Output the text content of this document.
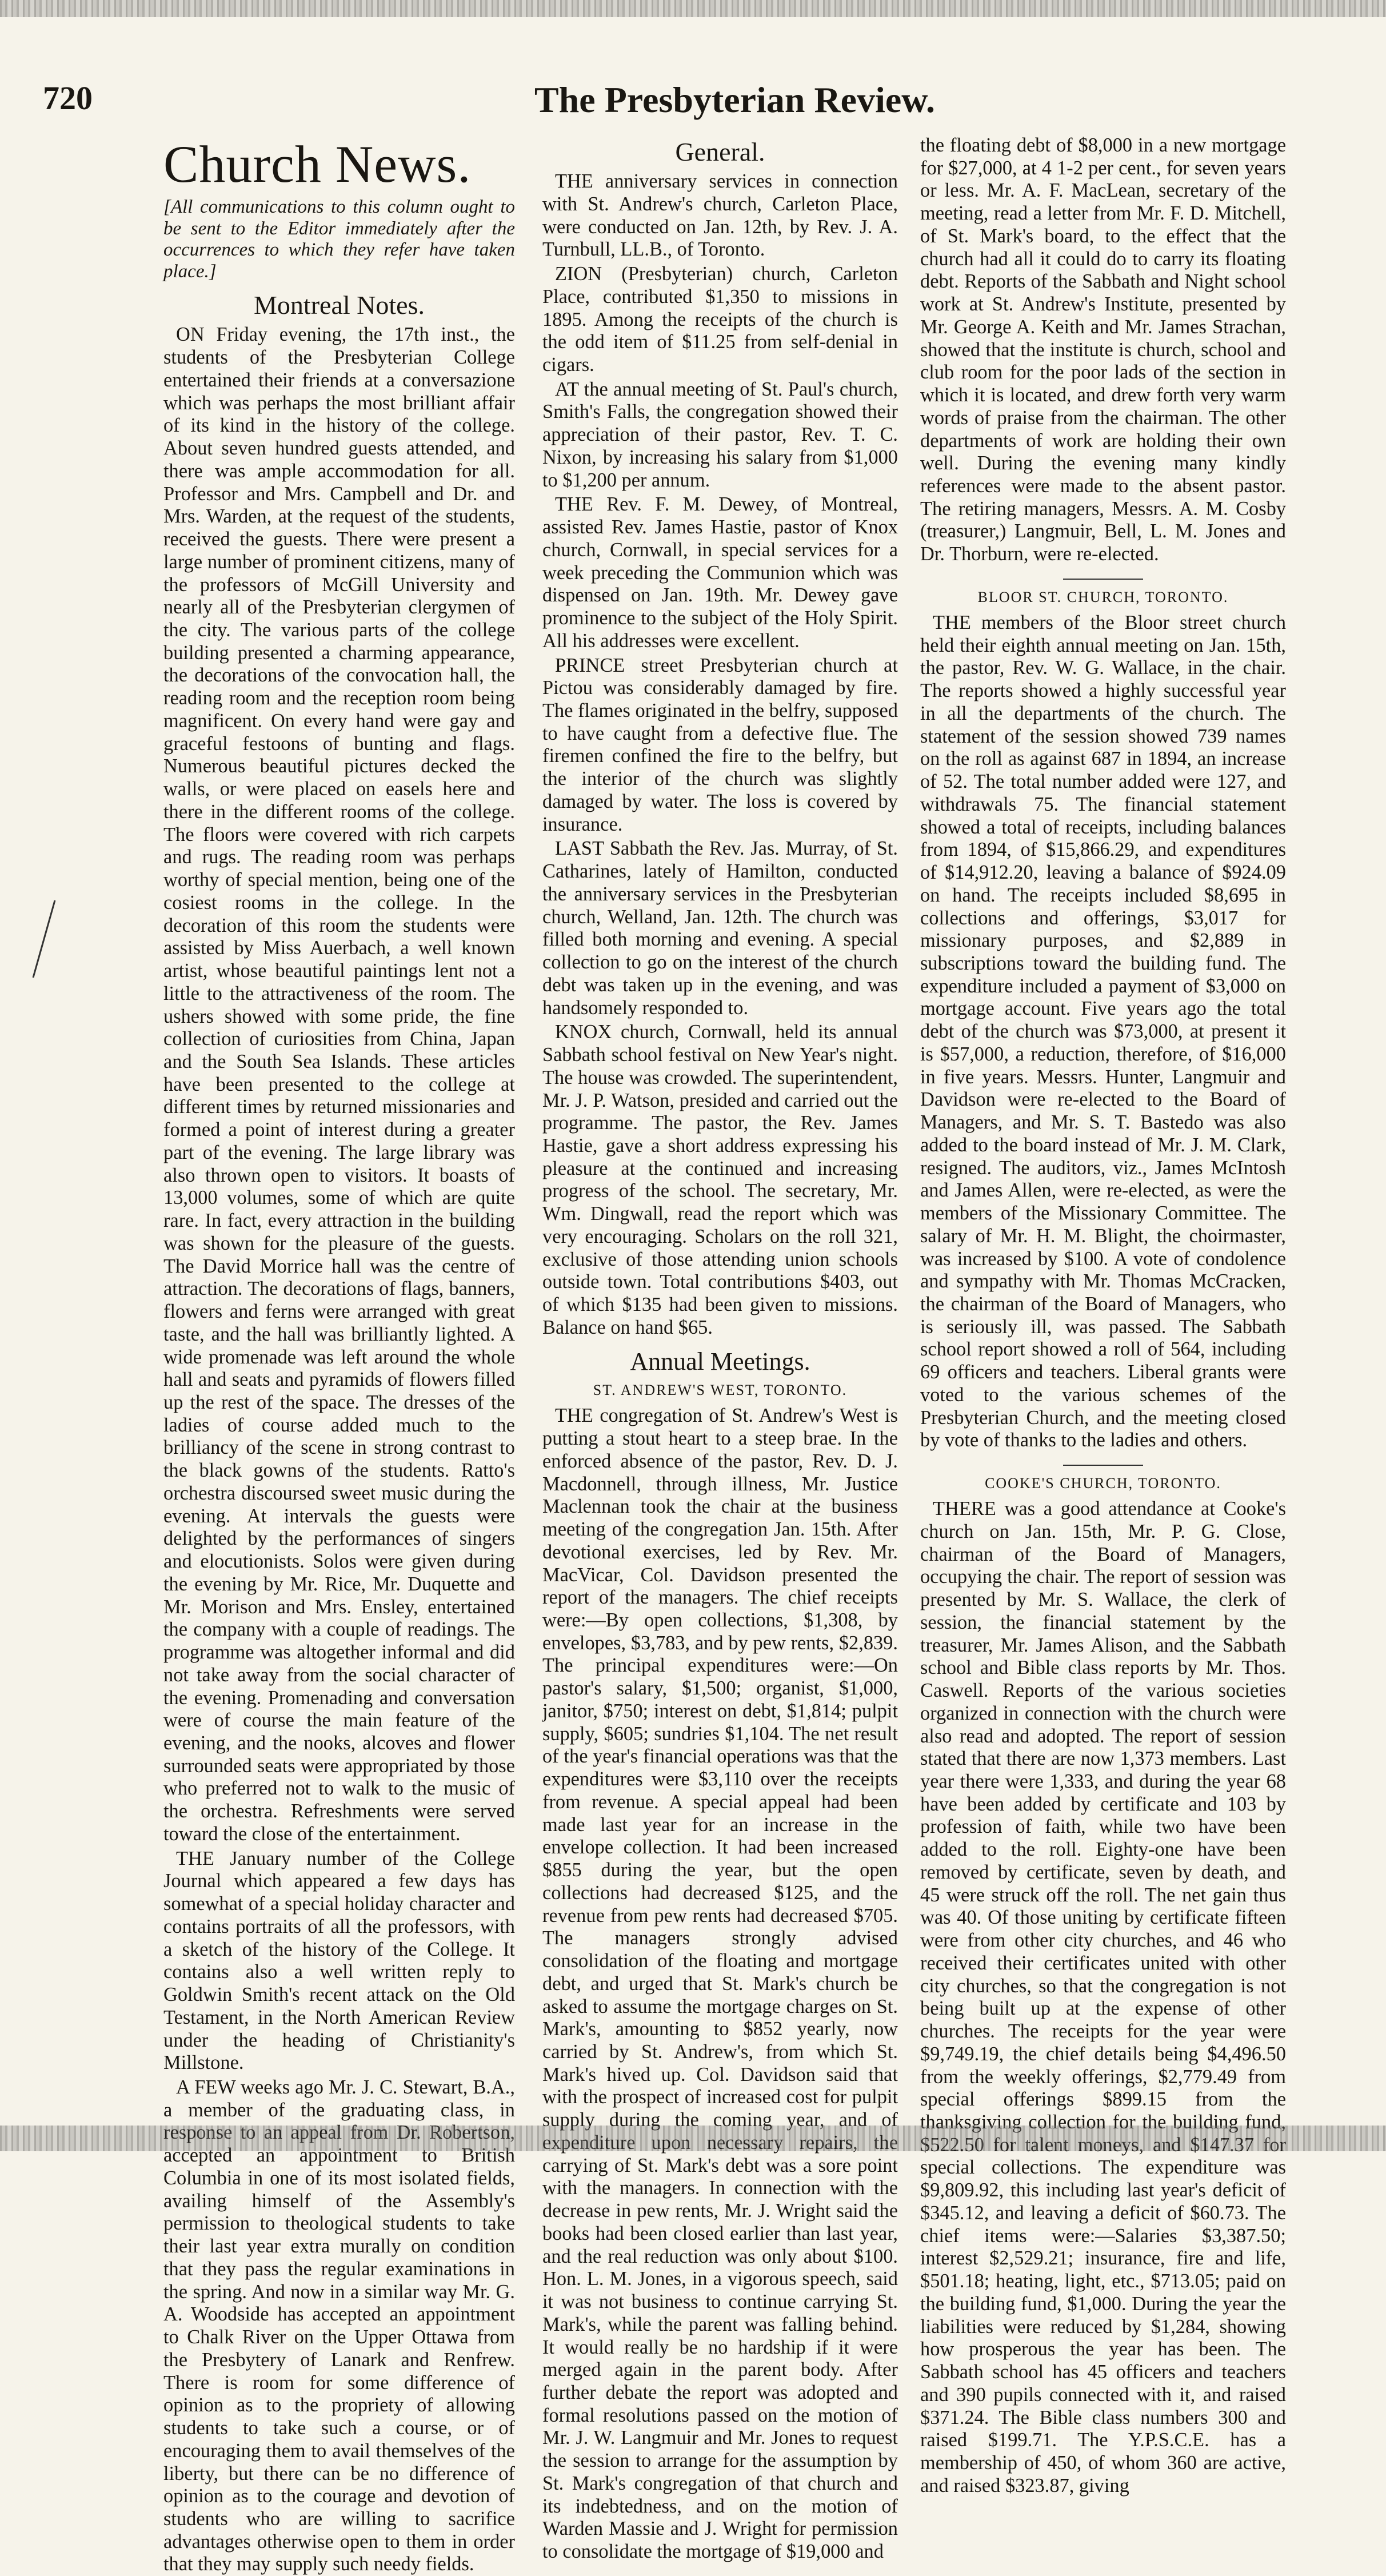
720	The Presbyterian Review.
Church News.
[All communications to this column ought to be sent to the Editor immediately after the occurrences to which they refer have taken place.]
Montreal Notes.

ON Friday evening, the 17th inst., the students of the Presbyterian College entertained their friends at a conversazione which was perhaps the most brilliant affair of its kind in the history of the college. About seven hundred guests attended, and there was ample accommodation for all. Professor and Mrs. Campbell and Dr. and Mrs. Warden, at the request of the students, received the guests. There were present a large number of prominent citizens, many of the professors of McGill University and nearly all of the Presbyterian clergymen of the city. The various parts of the college building presented a charming appearance, the decorations of the convocation hall, the reading room and the reception room being magnificent. On every hand were gay and graceful festoons of bunting and flags. Numerous beautiful pictures decked the walls, or were placed on easels here and there in the different rooms of the college. The floors were covered with rich carpets and rugs. The reading room was perhaps worthy of special mention, being one of the cosiest rooms in the college. In the decoration of this room the students were assisted by Miss Auerbach, a well known artist, whose beautiful paintings lent not a little to the attractiveness of the room. The ushers showed with some pride, the fine collection of curiosities from China, Japan and the South Sea Islands. These articles have been presented to the college at different times by returned missionaries and formed a point of interest during a greater part of the evening. The large library was also thrown open to visitors. It boasts of 13,000 volumes, some of which are quite rare. In fact, every attraction in the building was shown for the pleasure of the guests. The David Morrice hall was the centre of attraction. The decorations of flags, banners, flowers and ferns were arranged with great taste, and the hall was brilliantly lighted. A wide promenade was left around the whole hall and seats and pyramids of flowers filled up the rest of the space. The dresses of the ladies of course added much to the brilliancy of the scene in strong contrast to the black gowns of the students. Ratto's orchestra discoursed sweet music during the evening. At intervals the guests were delighted by the performances of singers and elocutionists. Solos were given during the evening by Mr. Rice, Mr. Duquette and Mr. Morison and Mrs. Ensley, entertained the company with a couple of readings. The programme was altogether informal and did not take away from the social character of the evening. Promenading and conversation were of course the main feature of the evening, and the nooks, alcoves and flower surrounded seats were appropriated by those who preferred not to walk to the music of the orchestra. Refreshments were served toward the close of the entertainment.

THE January number of the College Journal which appeared a few days has somewhat of a special holiday character and contains portraits of all the professors, with a sketch of the history of the College. It contains also a well written reply to Goldwin Smith's recent attack on the Old Testament, in the North American Review under the heading of Christianity's Millstone.

A FEW weeks ago Mr. J. C. Stewart, B.A., a member of the graduating class, in response to an appeal from Dr. Robertson, accepted an appointment to British Columbia in one of its most isolated fields, availing himself of the Assembly's permission to theological students to take their last year extra murally on condition that they pass the regular examinations in the spring. And now in a similar way Mr. G. A. Woodside has accepted an appointment to Chalk River on the Upper Ottawa from the Presbytery of Lanark and Renfrew. There is room for some difference of opinion as to the propriety of allowing students to take such a course, or of encouraging them to avail themselves of the liberty, but there can be no difference of opinion as to the courage and devotion of students who are willing to sacrifice advantages otherwise open to them in order that they may supply such needy fields.

General.

THE anniversary services in connection with St. Andrew's church, Carleton Place, were conducted on Jan. 12th, by Rev. J. A. Turnbull, LL.B., of Toronto.

ZION (Presbyterian) church, Carleton Place, contributed $1,350 to missions in 1895. Among the receipts of the church is the odd item of $11.25 from self-denial in cigars.

AT the annual meeting of St. Paul's church, Smith's Falls, the congregation showed their appreciation of their pastor, Rev. T. C. Nixon, by increasing his salary from $1,000 to $1,200 per annum.

THE Rev. F. M. Dewey, of Montreal, assisted Rev. James Hastie, pastor of Knox church, Cornwall, in special services for a week preceding the Communion which was dispensed on Jan. 19th. Mr. Dewey gave prominence to the subject of the Holy Spirit. All his addresses were excellent.

PRINCE street Presbyterian church at Pictou was considerably damaged by fire. The flames originated in the belfry, supposed to have caught from a defective flue. The firemen confined the fire to the belfry, but the interior of the church was slightly damaged by water. The loss is covered by insurance.

LAST Sabbath the Rev. Jas. Murray, of St. Catharines, lately of Hamilton, conducted the anniversary services in the Presbyterian church, Welland, Jan. 12th. The church was filled both morning and evening. A special collection to go on the interest of the church debt was taken up in the evening, and was handsomely responded to.

KNOX church, Cornwall, held its annual Sabbath school festival on New Year's night. The house was crowded. The superintendent, Mr. J. P. Watson, presided and carried out the programme. The pastor, the Rev. James Hastie, gave a short address expressing his pleasure at the continued and increasing progress of the school. The secretary, Mr. Wm. Dingwall, read the report which was very encouraging. Scholars on the roll 321, exclusive of those attending union schools outside town. Total contributions $403, out of which $135 had been given to missions. Balance on hand $65.

Annual Meetings.
ST. ANDREW'S WEST, TORONTO.

THE congregation of St. Andrew's West is putting a stout heart to a steep brae. In the enforced absence of the pastor, Rev. D. J. Macdonnell, through illness, Mr. Justice Maclennan took the chair at the business meeting of the congregation Jan. 15th. After devotional exercises, led by Rev. Mr. MacVicar, Col. Davidson presented the report of the managers. The chief receipts were:—By open collections, $1,308, by envelopes, $3,783, and by pew rents, $2,839. The principal expenditures were:—On pastor's salary, $1,500; organist, $1,000, janitor, $750; interest on debt, $1,814; pulpit supply, $605; sundries $1,104. The net result of the year's financial operations was that the expenditures were $3,110 over the receipts from revenue. A special appeal had been made last year for an increase in the envelope collection. It had been increased $855 during the year, but the open collections had decreased $125, and the revenue from pew rents had decreased $705. The managers strongly advised consolidation of the floating and mortgage debt, and urged that St. Mark's church be asked to assume the mortgage charges on St. Mark's, amounting to $852 yearly, now carried by St. Andrew's, from which St. Mark's hived up. Col. Davidson said that with the prospect of increased cost for pulpit supply during the coming year, and of expenditure upon necessary repairs, the carrying of St. Mark's debt was a sore point with the managers. In connection with the decrease in pew rents, Mr. J. Wright said the books had been closed earlier than last year, and the real reduction was only about $100. Hon. L. M. Jones, in a vigorous speech, said it was not business to continue carrying St. Mark's, while the parent was falling behind. It would really be no hardship if it were merged again in the parent body. After further debate the report was adopted and formal resolutions passed on the motion of Mr. J. W. Langmuir and Mr. Jones to request the session to arrange for the assumption by St. Mark's congregation of that church and its indebtedness, and on the motion of Warden Massie and J. Wright for permission to consolidate the mortgage of $19,000 and

the floating debt of $8,000 in a new mortgage for $27,000, at 4 1-2 per cent., for seven years or less. Mr. A. F. MacLean, secretary of the meeting, read a letter from Mr. F. D. Mitchell, of St. Mark's board, to the effect that the church had all it could do to carry its floating debt. Reports of the Sabbath and Night school work at St. Andrew's Institute, presented by Mr. George A. Keith and Mr. James Strachan, showed that the institute is church, school and club room for the poor lads of the section in which it is located, and drew forth very warm words of praise from the chairman. The other departments of work are holding their own well. During the evening many kindly references were made to the absent pastor. The retiring managers, Messrs. A. M. Cosby (treasurer,) Langmuir, Bell, L. M. Jones and Dr. Thorburn, were re-elected.

BLOOR ST. CHURCH, TORONTO.

THE members of the Bloor street church held their eighth annual meeting on Jan. 15th, the pastor, Rev. W. G. Wallace, in the chair. The reports showed a highly successful year in all the departments of the church. The statement of the session showed 739 names on the roll as against 687 in 1894, an increase of 52. The total number added were 127, and withdrawals 75. The financial statement showed a total of receipts, including balances from 1894, of $15,866.29, and expenditures of $14,912.20, leaving a balance of $924.09 on hand. The receipts included $8,695 in collections and offerings, $3,017 for missionary purposes, and $2,889 in subscriptions toward the building fund. The expenditure included a payment of $3,000 on mortgage account. Five years ago the total debt of the church was $73,000, at present it is $57,000, a reduction, therefore, of $16,000 in five years. Messrs. Hunter, Langmuir and Davidson were re-elected to the Board of Managers, and Mr. S. T. Bastedo was also added to the board instead of Mr. J. M. Clark, resigned. The auditors, viz., James McIntosh and James Allen, were re-elected, as were the members of the Missionary Committee. The salary of Mr. H. M. Blight, the choirmaster, was increased by $100. A vote of condolence and sympathy with Mr. Thomas McCracken, the chairman of the Board of Managers, who is seriously ill, was passed. The Sabbath school report showed a roll of 564, including 69 officers and teachers. Liberal grants were voted to the various schemes of the Presbyterian Church, and the meeting closed by vote of thanks to the ladies and others.

COOKE'S CHURCH, TORONTO.

THERE was a good attendance at Cooke's church on Jan. 15th, Mr. P. G. Close, chairman of the Board of Managers, occupying the chair. The report of session was presented by Mr. S. Wallace, the clerk of session, the financial statement by the treasurer, Mr. James Alison, and the Sabbath school and Bible class reports by Mr. Thos. Caswell. Reports of the various societies organized in connection with the church were also read and adopted. The report of session stated that there are now 1,373 members. Last year there were 1,333, and during the year 68 have been added by certificate and 103 by profession of faith, while two have been added to the roll. Eighty-one have been removed by certificate, seven by death, and 45 were struck off the roll. The net gain thus was 40. Of those uniting by certificate fifteen were from other city churches, and 46 who received their certificates united with other city churches, so that the congregation is not being built up at the expense of other churches. The receipts for the year were $9,749.19, the chief details being $4,496.50 from the weekly offerings, $2,779.49 from special offerings $899.15 from the thanksgiving collection for the building fund, $522.50 for talent moneys, and $147.37 for special collections. The expenditure was $9,809.92, this including last year's deficit of $345.12, and leaving a deficit of $60.73. The chief items were:—Salaries $3,387.50; interest $2,529.21; insurance, fire and life, $501.18; heating, light, etc., $713.05; paid on the building fund, $1,000. During the year the liabilities were reduced by $1,284, showing how prosperous the year has been. The Sabbath school has 45 officers and teachers and 390 pupils connected with it, and raised $371.24. The Bible class numbers 300 and raised $199.71. The Y.P.S.C.E. has a membership of 450, of whom 360 are active, and raised $323.87, giving
